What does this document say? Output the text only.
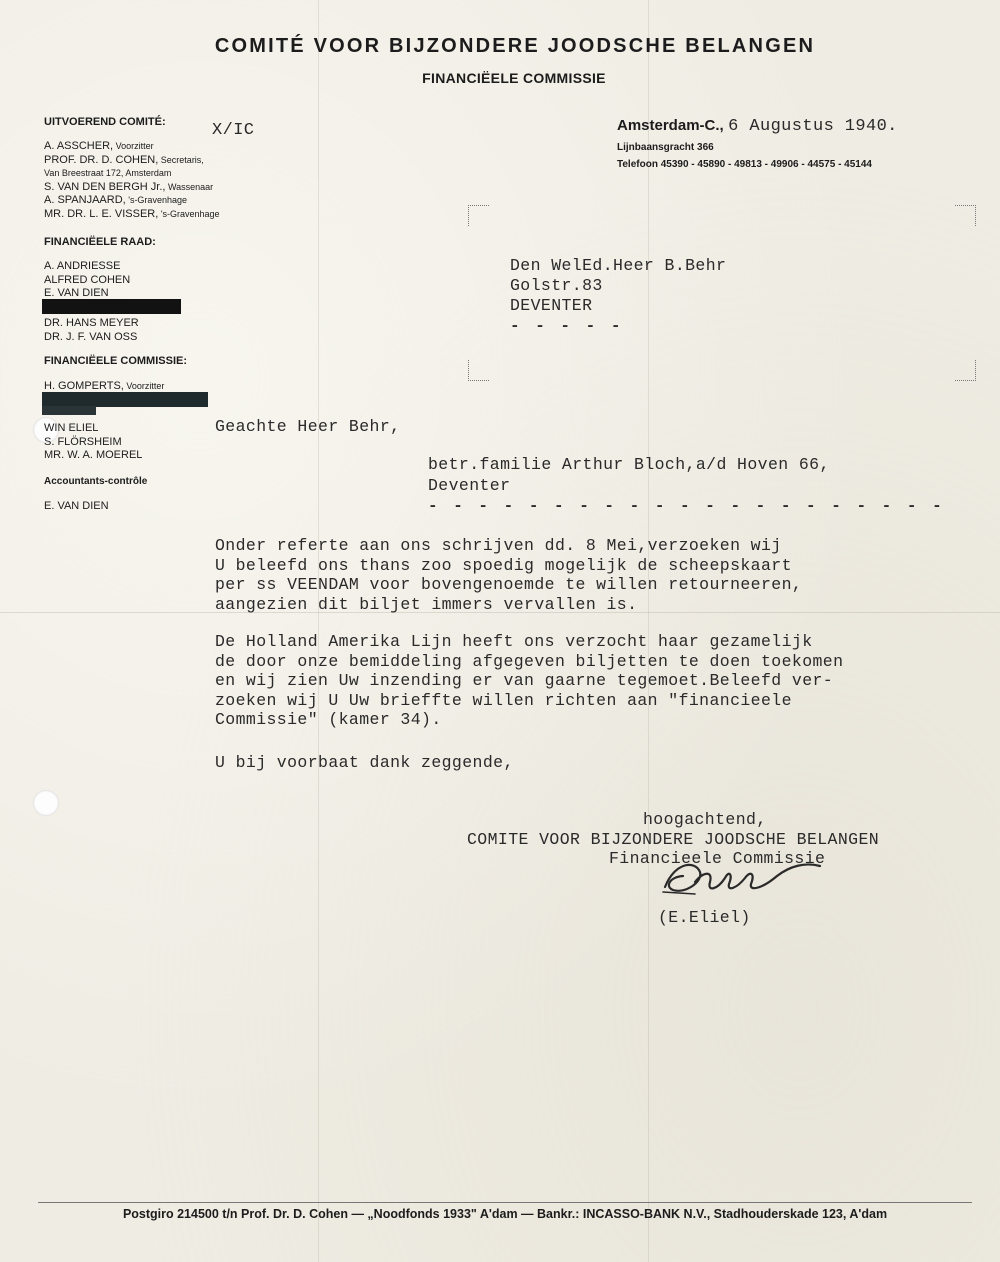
COMITÉ VOOR BIJZONDERE JOODSCHE BELANGEN
FINANCIËELE COMMISSIE
UITVOEREND COMITÉ:
A. ASSCHER, Voorzitter
PROF. DR. D. COHEN, Secretaris,
Van Breestraat 172, Amsterdam
S. VAN DEN BERGH Jr., Wassenaar
A. SPANJAARD, 's-Gravenhage
MR. DR. L. E. VISSER, 's-Gravenhage
FINANCIËELE RAAD:
A. ANDRIESSE
ALFRED COHEN
E. VAN DIEN
DR. HANS MEYER
DR. J. F. VAN OSS
FINANCIËELE COMMISSIE:
H. GOMPERTS, Voorzitter
WIN ELIEL
S. FLÖRSHEIM
MR. W. A. MOEREL
Accountants-contrôle
E. VAN DIEN
X/IC	Amsterdam-C., 6 Augustus 1940.
Lijnbaansgracht 366
Telefoon 45390 - 45890 - 49813 - 49906 - 44575 - 45144
Den WelEd.Heer B.Behr
Golstr.83
DEVENTER
- - - - -
Geachte Heer Behr,
betr.familie Arthur Bloch,a/d Hoven 66,
Deventer
- - - - - - - - - - - - - - - - - - - - -
Onder referte aan ons schrijven dd. 8 Mei,verzoeken wij
U beleefd ons thans zoo spoedig mogelijk de scheepskaart
per ss VEENDAM voor bovengenoemde te willen retourneeren,
aangezien dit biljet immers vervallen is.
De Holland Amerika Lijn heeft ons verzocht haar gezamelijk
de door onze bemiddeling afgegeven biljetten te doen toekomen
en wij zien Uw inzending er van gaarne tegemoet.Beleefd ver-
zoeken wij U Uw brieffte willen richten aan "financieele
Commissie" (kamer 34).
U bij voorbaat dank zeggende,
hoogachtend,
COMITE VOOR BIJZONDERE JOODSCHE BELANGEN
Financieele Commissie
(E.Eliel)
Postgiro 214500 t/n Prof. Dr. D. Cohen — „Noodfonds 1933" A'dam — Bankr.: INCASSO-BANK N.V., Stadhouderskade 123, A'dam
